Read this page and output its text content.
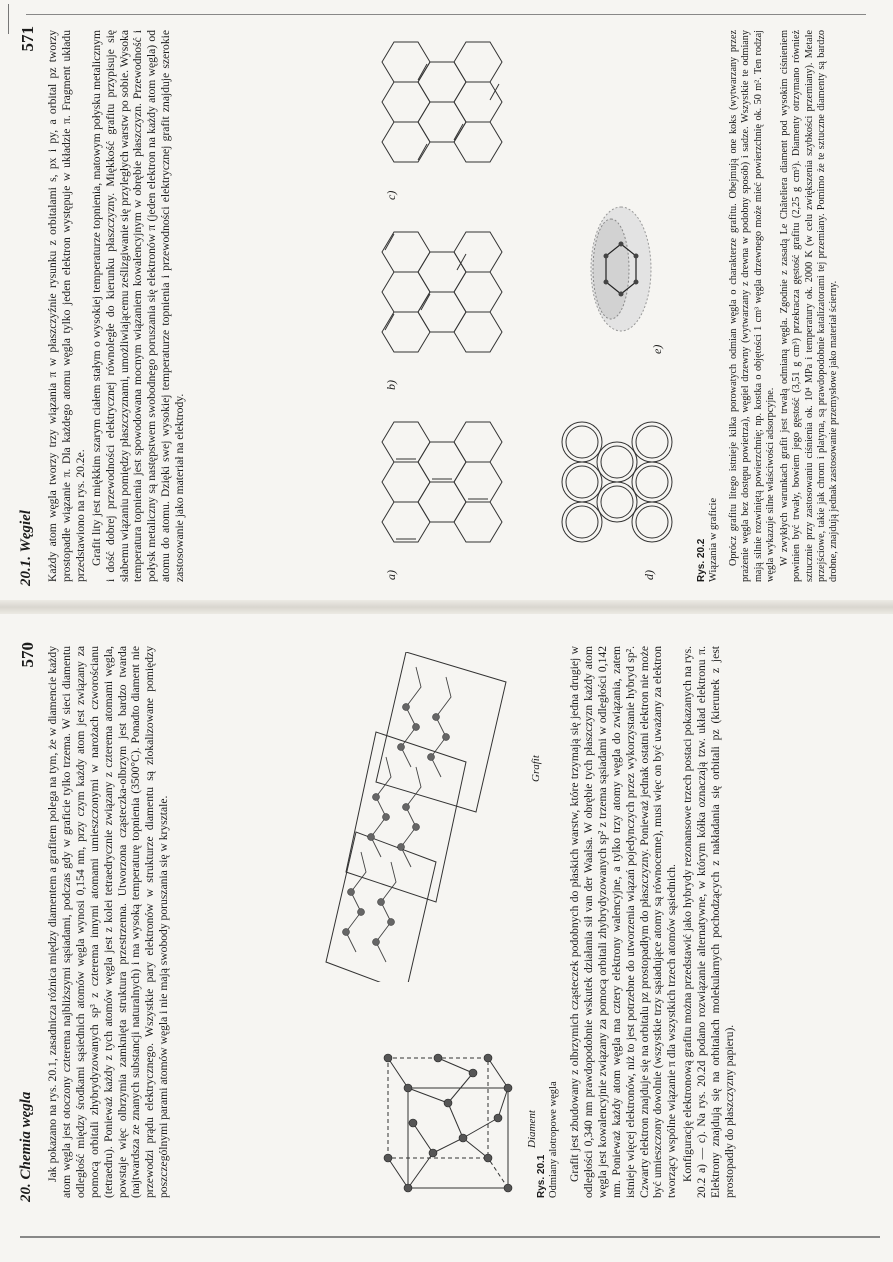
20. Chemia węgla
570
Diament
Grafit
Rys. 20.1
Odmiany alotropowe węgla

Jak pokazano na rys. 20.1, zasadnicza różnica między diamentem a grafitem polega na tym, że w diamencie każdy atom węgla jest otoczony czterema najbliższymi sąsiadami, podczas gdy w graficie tylko trzema. W sieci diamentu odległość między środkami sąsiednich atomów węgla wynosi 0,154 nm, przy czym każdy atom jest związany za pomocą orbitali zhybrydyzowanych sp³ z czterema innymi atomami umieszczonymi w narożach czworościanu (tetraedru). Ponieważ każdy z tych atomów węgla jest z kolei tetraedrycznie związany z czterema atomami węgla, powstaje więc olbrzymia zamknięta struktura przestrzenna. Utworzona cząsteczka-olbrzym jest bardzo twarda (najtwardsza ze znanych substancji naturalnych) i ma wysoką temperaturę topnienia (3500°C). Ponadto diament nie przewodzi prądu elektrycznego. Wszystkie pary elektronów w strukturze diamentu są zlokalizowane pomiędzy poszczególnymi parami atomów węgla i nie mają swobody poruszania się w krysztale.	Grafit jest zbudowany z olbrzymich cząsteczek podobnych do płaskich warstw, które trzymają się jedna drugiej w odległości 0,340 nm prawdopodobnie wskutek działania sił van der Waalsa. W obrębie tych płaszczyzn każdy atom węgla jest kowalencyjnie związany za pomocą orbitali zhybrydyzowanych sp² z trzema sąsiadami w odległości 0,142 nm. Ponieważ każdy atom węgla ma cztery elektrony walencyjne, a tylko trzy atomy węgla do związania, zatem istnieje więcej elektronów, niż to jest potrzebne do utworzenia wiązań pojedynczych przez wykorzystanie hybryd sp². Czwarty elektron znajduje się na orbitalu pz prostopadłym do płaszczyzny. Ponieważ jednak ostatni elektron nie może być umieszczony dowolnie (wszystkie trzy sąsiadujące atomy są równocenne), musi więc on być uważany za elektron tworzący wspólne wiązanie π dla wszystkich trzech atomów sąsiednich. Konfigurację elektronową grafitu można przedstawić jako hybrydy rezonansowe trzech postaci pokazanych na rys. 20.2 a) — c). Na rys. 20.2d podano rozwiązanie alternatywne, w którym kółka oznaczają tzw. układ elektronu π. Elektrony znajdują się na orbitalach molekularnych pochodzących z nakładania się orbitali pz (kierunek z jest prostopadły do płaszczyzny papieru).

20.1. Węgiel
571 Każdy atom węgla tworzy trzy wiązania π w płaszczyźnie rysunku z orbitalami s, px i py, a orbital pz tworzy prostopadłe wiązanie π. Dla każdego atomu węgla tylko jeden elektron występuje w układzie π. Fragment układu przedstawiono na rys. 20.2e. Grafit lity jest miękkim szarym ciałem stałym o wysokiej temperaturze topnienia, matowym połysku metalicznym i dość dobrej przewodności elektrycznej równoległe do kierunku płaszczyzny. Miękkość grafitu przypisuje się słabemu wiązaniu pomiędzy płaszczyznami, umożliwiającemu ześlizgiwanie się przyległych warstw po sobie. Wysoka temperatura topnienia jest spowodowana mocnym wiązaniem kowalencyjnym w obrębie płaszczyzn. Przewodność i połysk metaliczny są następstwem swobodnego poruszania się elektronów π (jeden elektron na każdy atom węgla) od atomu do atomu. Dzięki swej wysokiej temperaturze topnienia i przewodności elektrycznej grafit znajduje szerokie zastosowanie jako materiał na elektrody.	a)
b)
c)
d)
e)
Rys. 20.2
Wiązania w graficie Oprócz grafitu litego istnieje kilka porowatych odmian węgla o charakterze grafitu. Obejmują one koks (wytwarzany przez prażenie węgla bez dostępu powietrza), węgiel drzewny (wytwarzany z drewna w podobny sposób) i sadze. Wszystkie te odmiany mają silnie rozwiniętą powierzchnię; np. kostka o objętości 1 cm³ węgla drzewnego może mieć powierzchnię ok. 50 m². Ten rodzaj węgla wykazuje silne właściwości adsorpcyjne. W zwykłych warunkach grafit jest trwałą odmianą węgla. Zgodnie z zasadą Le Châteliera diament pod wysokim ciśnieniem powinien być trwały, bowiem jego gęstość (3,51 g cm³) przekracza gęstość grafitu (2,25 g cm³). Diamenty otrzymano również sztucznie przy zastosowaniu ciśnienia ok. 10⁴ MPa i temperatury ok. 2000 K (w celu zwiększenia szybkości przemiany). Metale przejściowe, takie jak chrom i platyna, są prawdopodobnie katalizatorami tej przemiany. Pomimo że te sztuczne diamenty są bardzo drobne, znajdują jednak zastosowanie przemysłowe jako materiał ścierny.
